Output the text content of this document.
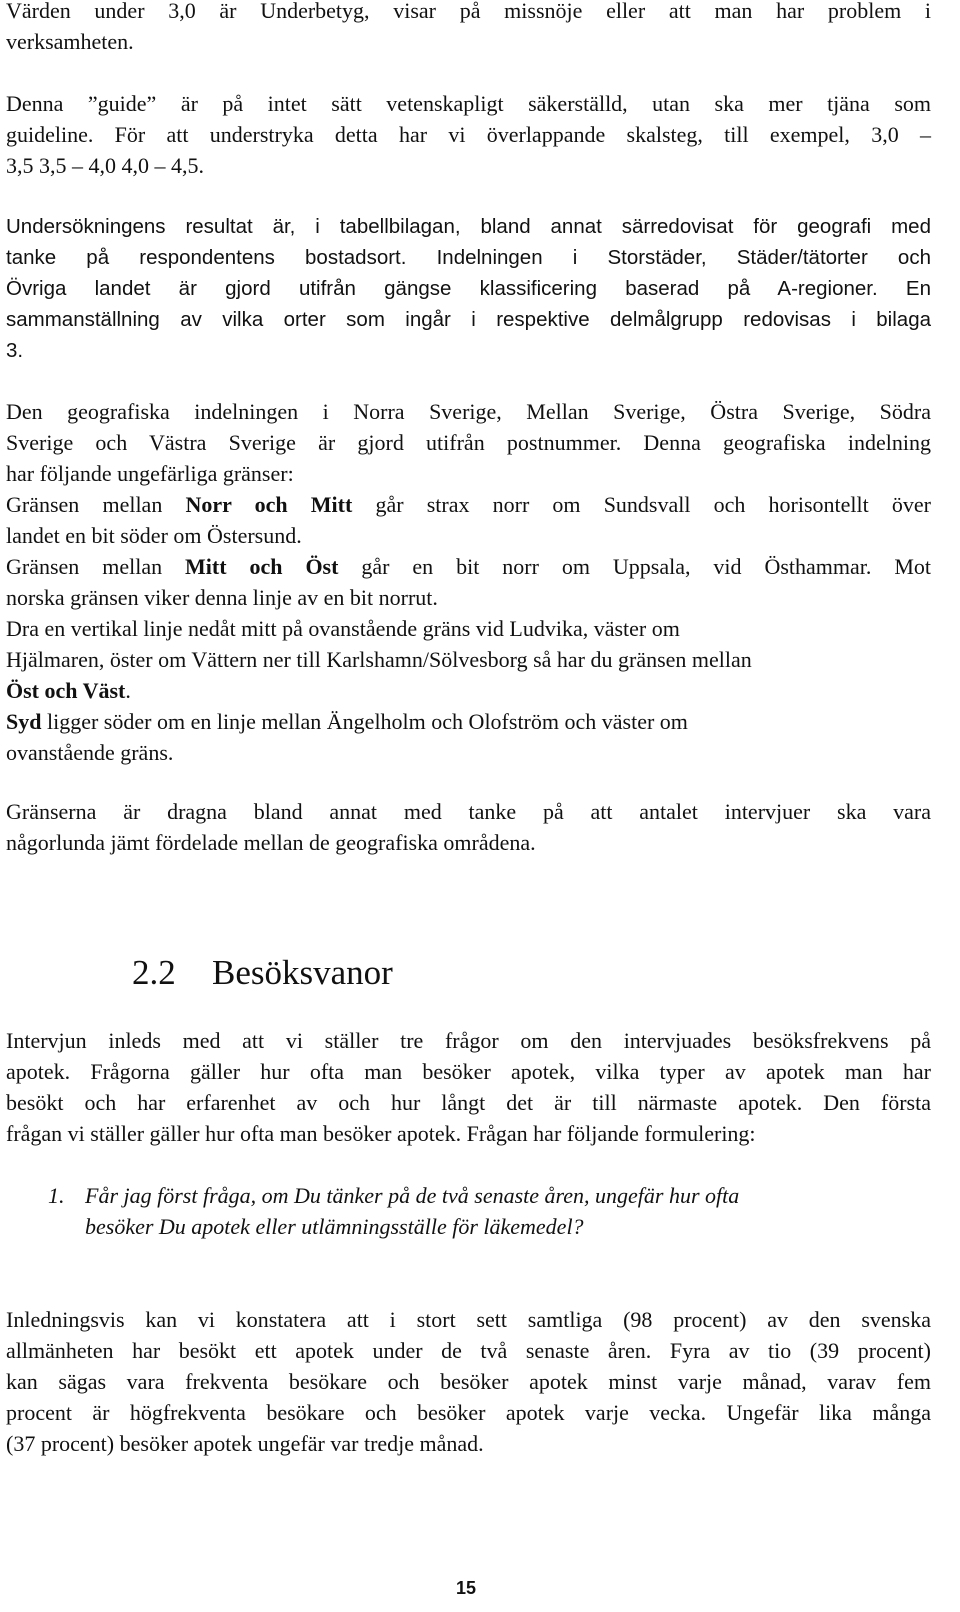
Värden under 3,0 är Underbetyg, visar på missnöje eller att man har problem i
verksamheten.

Denna ”guide” är på intet sätt vetenskapligt säkerställd, utan ska mer tjäna som
guideline. För att understryka detta har vi överlappande skalsteg, till exempel, 3,0 –
3,5 3,5 – 4,0 4,0 – 4,5.

Undersökningens resultat är, i tabellbilagan, bland annat särredovisat för geografi med
tanke på respondentens bostadsort. Indelningen i Storstäder, Städer/tätorter och
Övriga landet är gjord utifrån gängse klassificering baserad på A-regioner. En
sammanställning av vilka orter som ingår i respektive delmålgrupp redovisas i bilaga
3.

Den geografiska indelningen i Norra Sverige, Mellan Sverige, Östra Sverige, Södra
Sverige och Västra Sverige är gjord utifrån postnummer. Denna geografiska indelning
har följande ungefärliga gränser:
Gränsen mellan Norr och Mitt går strax norr om Sundsvall och horisontellt över
landet en bit söder om Östersund.
Gränsen mellan Mitt och Öst går en bit norr om Uppsala, vid Östhammar. Mot
norska gränsen viker denna linje av en bit norrut.
Dra en vertikal linje nedåt mitt på ovanstående gräns vid Ludvika, väster om
Hjälmaren, öster om Vättern ner till Karlshamn/Sölvesborg så har du gränsen mellan
Öst och Väst.
Syd ligger söder om en linje mellan Ängelholm och Olofström och väster om
ovanstående gräns.

Gränserna är dragna bland annat med tanke på att antalet intervjuer ska vara
någorlunda jämt fördelade mellan de geografiska områdena.

2.2 Besöksvanor

Intervjun inleds med att vi ställer tre frågor om den intervjuades besöksfrekvens på
apotek. Frågorna gäller hur ofta man besöker apotek, vilka typer av apotek man har
besökt och har erfarenhet av och hur långt det är till närmaste apotek. Den första
frågan vi ställer gäller hur ofta man besöker apotek. Frågan har följande formulering:

1. Får jag först fråga, om Du tänker på de två senaste åren, ungefär hur ofta
besöker Du apotek eller utlämningsställe för läkemedel?

Inledningsvis kan vi konstatera att i stort sett samtliga (98 procent) av den svenska
allmänheten har besökt ett apotek under de två senaste åren. Fyra av tio (39 procent)
kan sägas vara frekventa besökare och besöker apotek minst varje månad, varav fem
procent är högfrekventa besökare och besöker apotek varje vecka. Ungefär lika många
(37 procent) besöker apotek ungefär var tredje månad.

15
